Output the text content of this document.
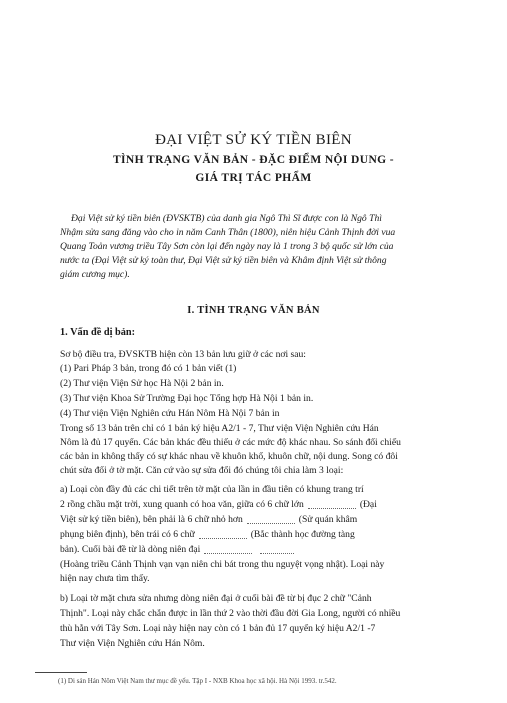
ĐẠI VIỆT SỬ KÝ TIỀN BIÊN
TÌNH TRẠNG VĂN BẢN - ĐẶC ĐIỂM NỘI DUNG -
GIÁ TRỊ TÁC PHẨM
Đại Việt sử ký tiền biên (ĐVSKTB) của danh gia Ngô Thì Sĩ được con là Ngô Thì
Nhậm sửa sang đăng vào cho in năm Canh Thân (1800), niên hiệu Cảnh Thịnh đời vua
Quang Toản vương triều Tây Sơn còn lại đến ngày nay là 1 trong 3 bộ quốc sử lớn của
nước ta (Đại Việt sử ký toàn thư, Đại Việt sử ký tiền biên và Khâm định Việt sử thông
giám cương mục).
I. TÌNH TRẠNG VĂN BẢN
1. Vấn đề dị bản:
Sơ bộ điều tra, ĐVSKTB hiện còn 13 bản lưu giữ ở các nơi sau:
(1) Pari Pháp 3 bản, trong đó có 1 bản viết (1)
(2) Thư viện Viện Sử học Hà Nội 2 bản in.
(3) Thư viện Khoa Sử Trường Đại học Tổng hợp Hà Nội 1 bản in.
(4) Thư viện Viện Nghiên cứu Hán Nôm Hà Nội 7 bản in
Trong số 13 bản trên chỉ có 1 bản ký hiệu A2/1 - 7, Thư viện Viện Nghiên cứu Hán
Nôm là đủ 17 quyển. Các bản khác đều thiếu ở các mức độ khác nhau. So sánh đối chiếu
các bản in không thấy có sự khác nhau về khuôn khổ, khuôn chữ, nội dung. Song có đôi
chút sửa đổi ở tờ mặt. Căn cứ vào sự sửa đổi đó chúng tôi chia làm 3 loại:
a) Loại còn đầy đủ các chi tiết trên tờ mặt của lần in đầu tiên có khung trang trí
2 rồng chầu mặt trời, xung quanh có hoa văn, giữa có 6 chữ lớn	(Đại
Việt sử ký tiền biên), bên phải là 6 chữ nhỏ hơn	(Sử quán khâm
phụng biên định), bên trái có 6 chữ	(Bắc thành học đường tàng
bản). Cuối bài đề từ là dòng niên đại
(Hoàng triều Cảnh Thịnh vạn vạn niên chi bát trong thu nguyệt vọng nhật). Loại này
hiện nay chưa tìm thấy.
b) Loại tờ mặt chưa sửa nhưng dòng niên đại ở cuối bài đề từ bị đục 2 chữ "Cảnh
Thịnh". Loại này chắc chắn được in lần thứ 2 vào thời đầu đời Gia Long, người có nhiều
thù hằn với Tây Sơn. Loại này hiện nay còn có 1 bản đủ 17 quyển ký hiệu A2/1 -7
Thư viện Viện Nghiên cứu Hán Nôm.
(1) Di sản Hán Nôm Việt Nam thư mục đề yếu. Tập I - NXB Khoa học xã hội. Hà Nội 1993. tr.542.
